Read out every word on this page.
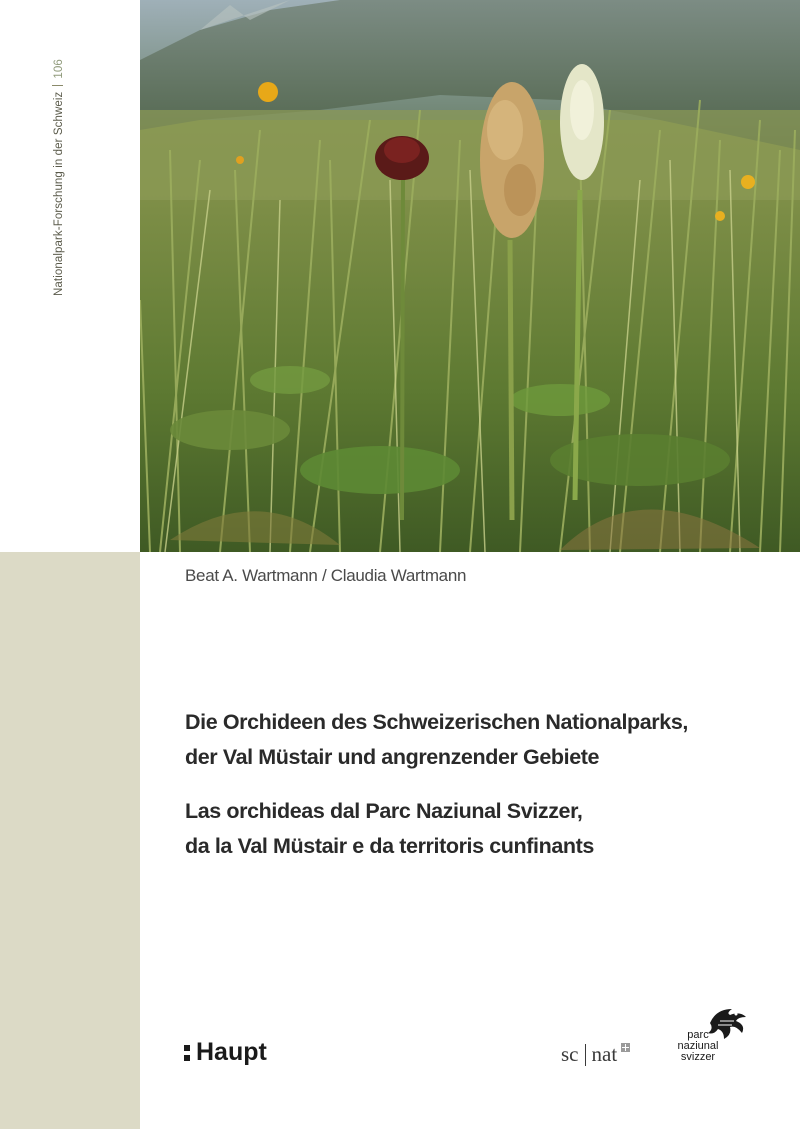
Nationalpark-Forschung in der Schweiz106
Beat A. Wartmann / Claudia Wartmann
Die Orchideen des Schweizerischen Nationalparks,
der Val Müstair und angrenzender Gebiete
Las orchideas dal Parc Naziunal Svizzer,
da la Val Müstair e da territoris cunfinants
Haupt	sc nat
parc
naziunal
svizzer
